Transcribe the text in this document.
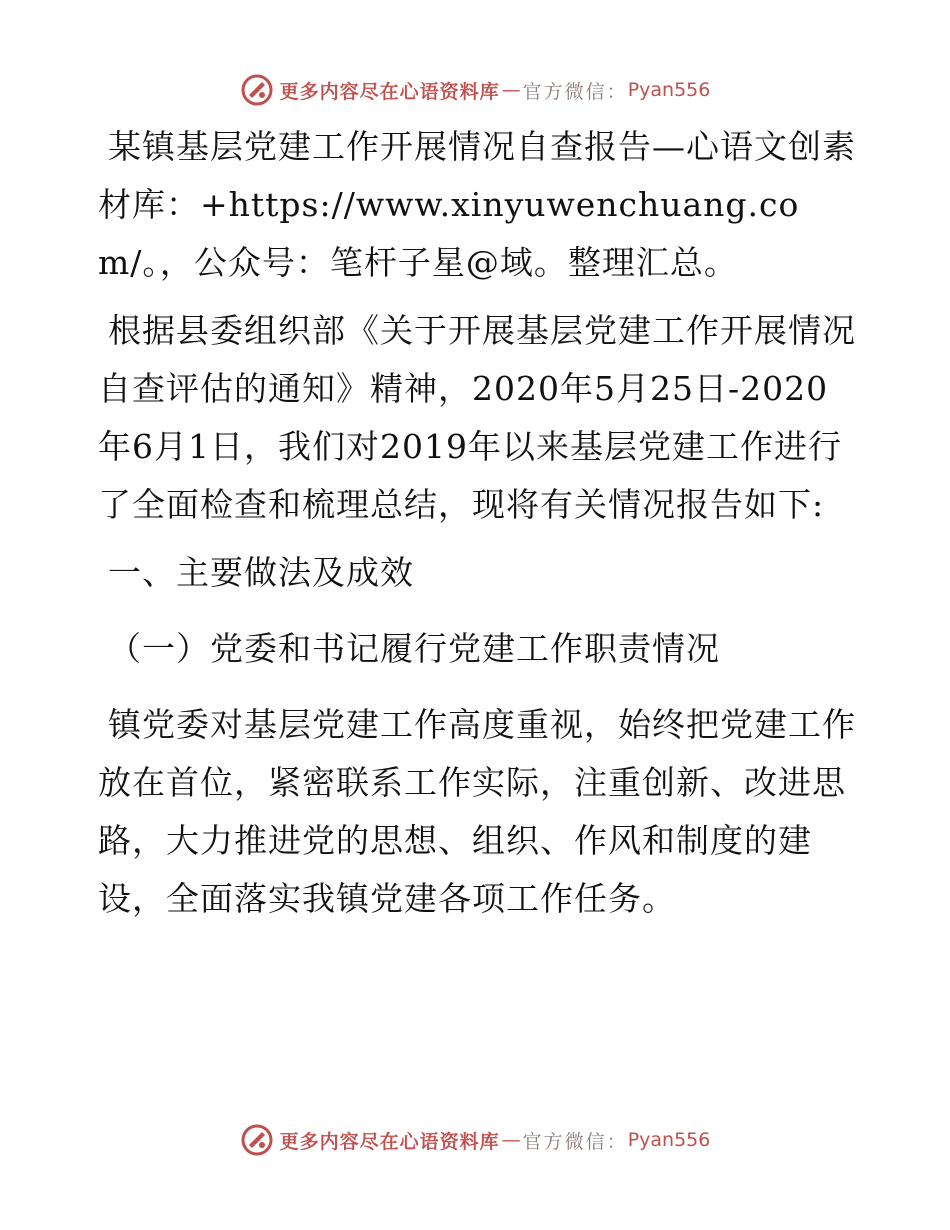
更多内容尽在心语资料库 — 官方微信： Pyan556

某镇基层党建工作开展情况自查报告—心语文创素材库：+https://www.xinyuwenchuang.com/。，公众号：笔杆子星@域。整理汇总。

根据县委组织部《关于开展基层党建工作开展情况自查评估的通知》精神，2020年5月25日-2020年6月1日，我们对2019年以来基层党建工作进行了全面检查和梳理总结，现将有关情况报告如下:

一、主要做法及成效

（一）党委和书记履行党建工作职责情况

镇党委对基层党建工作高度重视，始终把党建工作放在首位，紧密联系工作实际，注重创新、改进思路，大力推进党的思想、组织、作风和制度的建设，全面落实我镇党建各项工作任务。

更多内容尽在心语资料库 — 官方微信： Pyan556
